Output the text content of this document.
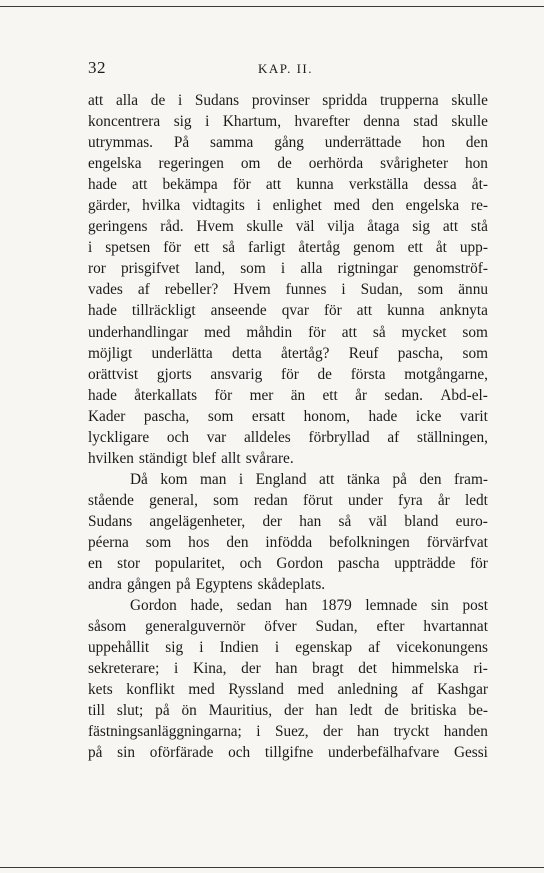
32	KAP. II.
att alla de i Sudans provinser spridda trupperna skulle
koncentrera sig i Khartum, hvarefter denna stad skulle
utrymmas. På samma gång underrättade hon den
engelska regeringen om de oerhörda svårigheter hon
hade att bekämpa för att kunna verkställa dessa åt-
gärder, hvilka vidtagits i enlighet med den engelska re-
geringens råd. Hvem skulle väl vilja åtaga sig att stå
i spetsen för ett så farligt återtåg genom ett åt upp-
ror prisgifvet land, som i alla rigtningar genomströf-
vades af rebeller? Hvem funnes i Sudan, som ännu
hade tillräckligt anseende qvar för att kunna anknyta
underhandlingar med måhdin för att så mycket som
möjligt underlätta detta återtåg? Reuf pascha, som
orättvist gjorts ansvarig för de första motgångarne,
hade återkallats för mer än ett år sedan. Abd-el-
Kader pascha, som ersatt honom, hade icke varit
lyckligare och var alldeles förbryllad af ställningen,
hvilken ständigt blef allt svårare.
Då kom man i England att tänka på den fram-
stående general, som redan förut under fyra år ledt
Sudans angelägenheter, der han så väl bland euro-
péerna som hos den infödda befolkningen förvärfvat
en stor popularitet, och Gordon pascha uppträdde för
andra gången på Egyptens skådeplats.
Gordon hade, sedan han 1879 lemnade sin post
såsom generalguvernör öfver Sudan, efter hvartannat
uppehållit sig i Indien i egenskap af vicekonungens
sekreterare; i Kina, der han bragt det himmelska ri-
kets konflikt med Ryssland med anledning af Kashgar
till slut; på ön Mauritius, der han ledt de britiska be-
fästningsanläggningarna; i Suez, der han tryckt handen
på sin oförfärade och tillgifne underbefälhafvare Gessi
